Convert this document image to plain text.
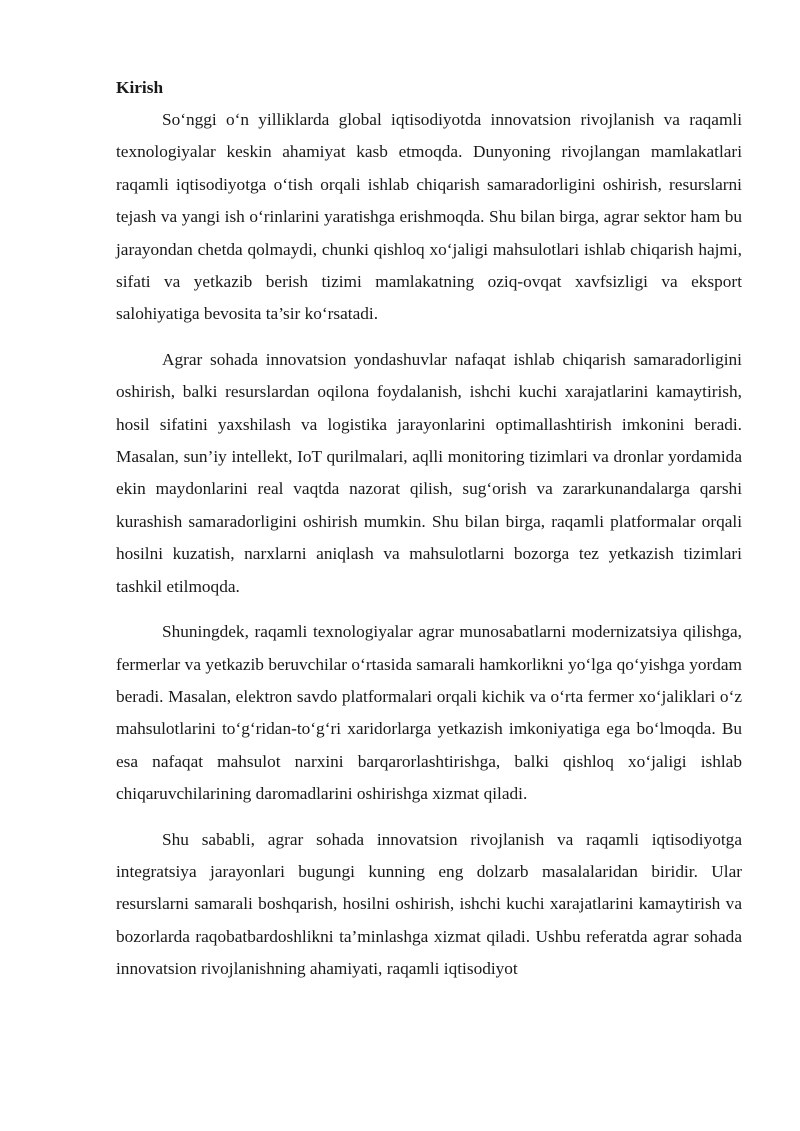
Kirish

So‘nggi o‘n yilliklarda global iqtisodiyotda innovatsion rivojlanish va raqamli texnologiyalar keskin ahamiyat kasb etmoqda. Dunyoning rivojlangan mamlakatlari raqamli iqtisodiyotga o‘tish orqali ishlab chiqarish samaradorligini oshirish, resurslarni tejash va yangi ish o‘rinlarini yaratishga erishmoqda. Shu bilan birga, agrar sektor ham bu jarayondan chetda qolmaydi, chunki qishloq xo‘jaligi mahsulotlari ishlab chiqarish hajmi, sifati va yetkazib berish tizimi mamlakatning oziq-ovqat xavfsizligi va eksport salohiyatiga bevosita ta’sir ko‘rsatadi.

Agrar sohada innovatsion yondashuvlar nafaqat ishlab chiqarish samaradorligini oshirish, balki resurslardan oqilona foydalanish, ishchi kuchi xarajatlarini kamaytirish, hosil sifatini yaxshilash va logistika jarayonlarini optimallashtirish imkonini beradi. Masalan, sun’iy intellekt, IoT qurilmalari, aqlli monitoring tizimlari va dronlar yordamida ekin maydonlarini real vaqtda nazorat qilish, sug‘orish va zararkunandalarga qarshi kurashish samaradorligini oshirish mumkin. Shu bilan birga, raqamli platformalar orqali hosilni kuzatish, narxlarni aniqlash va mahsulotlarni bozorga tez yetkazish tizimlari tashkil etilmoqda.

Shuningdek, raqamli texnologiyalar agrar munosabatlarni modernizatsiya qilishga, fermerlar va yetkazib beruvchilar o‘rtasida samarali hamkorlikni yo‘lga qo‘yishga yordam beradi. Masalan, elektron savdo platformalari orqali kichik va o‘rta fermer xo‘jaliklari o‘z mahsulotlarini to‘g‘ridan-to‘g‘ri xaridorlarga yetkazish imkoniyatiga ega bo‘lmoqda. Bu esa nafaqat mahsulot narxini barqarorlashtirishga, balki qishloq xo‘jaligi ishlab chiqaruvchilarining daromadlarini oshirishga xizmat qiladi.

Shu sababli, agrar sohada innovatsion rivojlanish va raqamli iqtisodiyotga integratsiya jarayonlari bugungi kunning eng dolzarb masalalaridan biridir. Ular resurslarni samarali boshqarish, hosilni oshirish, ishchi kuchi xarajatlarini kamaytirish va bozorlarda raqobatbardoshlikni ta’minlashga xizmat qiladi. Ushbu referatda agrar sohada innovatsion rivojlanishning ahamiyati, raqamli iqtisodiyot
